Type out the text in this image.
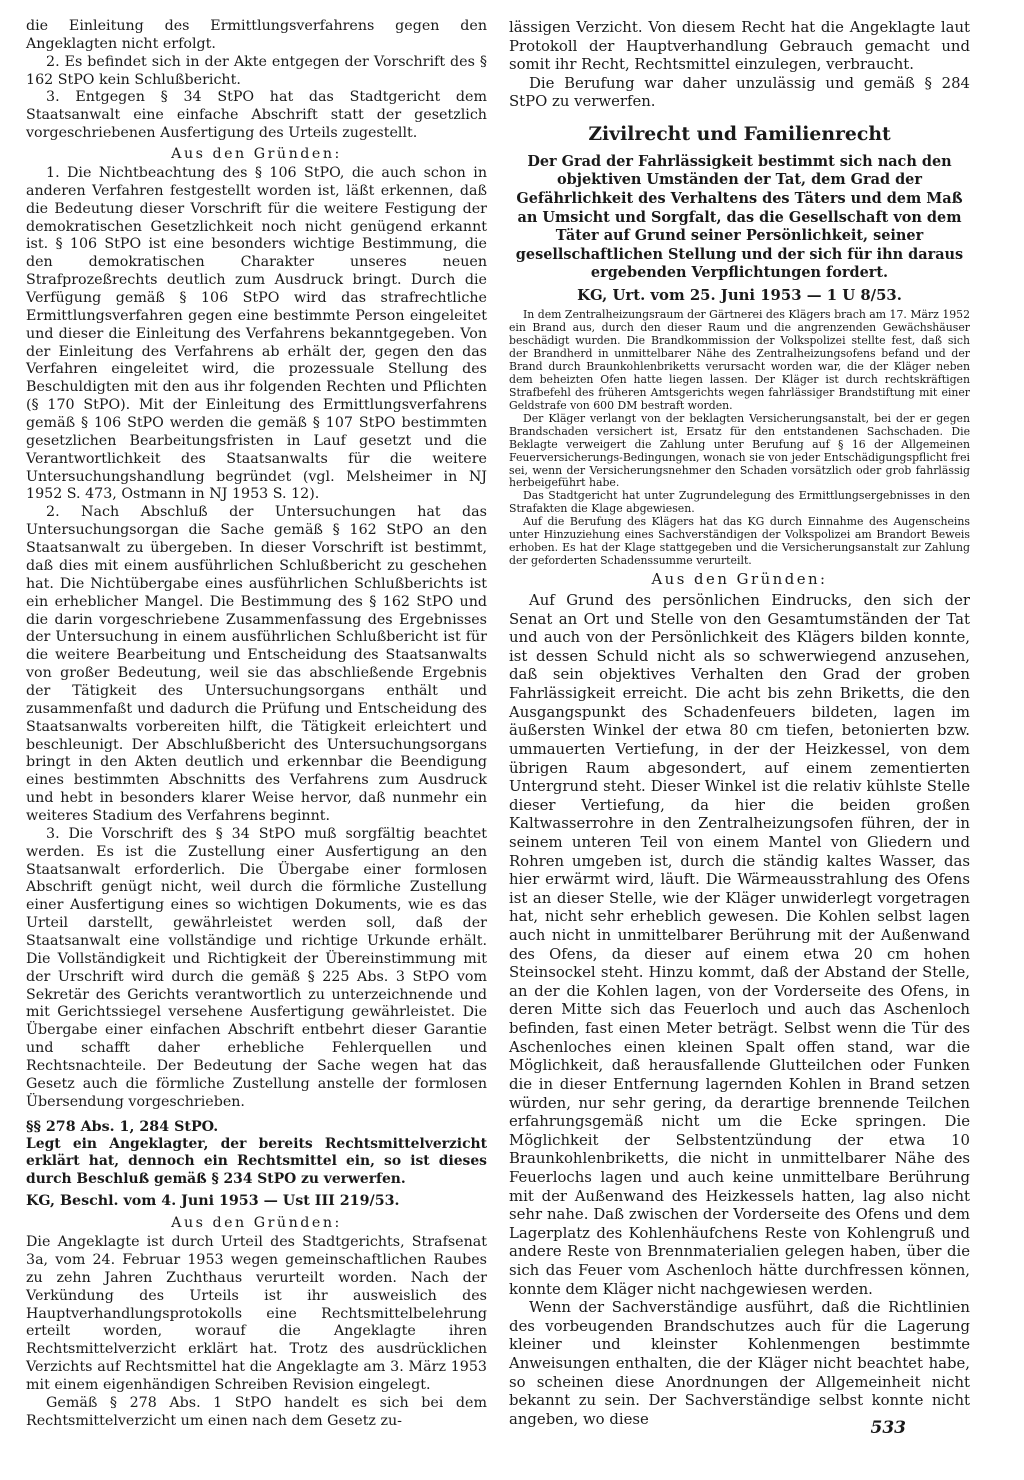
die Einleitung des Ermittlungsverfahrens gegen den Angeklagten nicht erfolgt.

2. Es befindet sich in der Akte entgegen der Vorschrift des § 162 StPO kein Schlußbericht.

3. Entgegen § 34 StPO hat das Stadtgericht dem Staatsanwalt eine einfache Abschrift statt der gesetzlich vorgeschriebenen Ausfertigung des Urteils zugestellt.

Aus den Gründen:

1. Die Nichtbeachtung des § 106 StPO, die auch schon in anderen Verfahren festgestellt worden ist, läßt erkennen, daß die Bedeutung dieser Vorschrift für die weitere Festigung der demokratischen Gesetzlichkeit noch nicht genügend erkannt ist. § 106 StPO ist eine besonders wichtige Bestimmung, die den demokratischen Charakter unseres neuen Strafprozeßrechts deutlich zum Ausdruck bringt. Durch die Verfügung gemäß § 106 StPO wird das strafrechtliche Ermittlungsverfahren gegen eine bestimmte Person eingeleitet und dieser die Einleitung des Verfahrens bekanntgegeben. Von der Einleitung des Verfahrens ab erhält der, gegen den das Verfahren eingeleitet wird, die prozessuale Stellung des Beschuldigten mit den aus ihr folgenden Rechten und Pflichten (§ 170 StPO). Mit der Einleitung des Ermittlungsverfahrens gemäß § 106 StPO werden die gemäß § 107 StPO bestimmten gesetzlichen Bearbeitungsfristen in Lauf gesetzt und die Verantwortlichkeit des Staatsanwalts für die weitere Untersuchungshandlung begründet (vgl. Melsheimer in NJ 1952 S. 473, Ostmann in NJ 1953 S. 12).

2. Nach Abschluß der Untersuchungen hat das Untersuchungsorgan die Sache gemäß § 162 StPO an den Staatsanwalt zu übergeben. In dieser Vorschrift ist bestimmt, daß dies mit einem ausführlichen Schlußbericht zu geschehen hat. Die Nichtübergabe eines ausführlichen Schlußberichts ist ein erheblicher Mangel. Die Bestimmung des § 162 StPO und die darin vorgeschriebene Zusammenfassung des Ergebnisses der Untersuchung in einem ausführlichen Schlußbericht ist für die weitere Bearbeitung und Entscheidung des Staatsanwalts von großer Bedeutung, weil sie das abschließende Ergebnis der Tätigkeit des Untersuchungsorgans enthält und zusammenfaßt und dadurch die Prüfung und Entscheidung des Staatsanwalts vorbereiten hilft, die Tätigkeit erleichtert und beschleunigt. Der Abschlußbericht des Untersuchungsorgans bringt in den Akten deutlich und erkennbar die Beendigung eines bestimmten Abschnitts des Verfahrens zum Ausdruck und hebt in besonders klarer Weise hervor, daß nunmehr ein weiteres Stadium des Verfahrens beginnt.

3. Die Vorschrift des § 34 StPO muß sorgfältig beachtet werden. Es ist die Zustellung einer Ausfertigung an den Staatsanwalt erforderlich. Die Übergabe einer formlosen Abschrift genügt nicht, weil durch die förmliche Zustellung einer Ausfertigung eines so wichtigen Dokuments, wie es das Urteil darstellt, gewährleistet werden soll, daß der Staatsanwalt eine vollständige und richtige Urkunde erhält. Die Vollständigkeit und Richtigkeit der Übereinstimmung mit der Urschrift wird durch die gemäß § 225 Abs. 3 StPO vom Sekretär des Gerichts verantwortlich zu unterzeichnende und mit Gerichtssiegel versehene Ausfertigung gewährleistet. Die Übergabe einer einfachen Abschrift entbehrt dieser Garantie und schafft daher erhebliche Fehlerquellen und Rechtsnachteile. Der Bedeutung der Sache wegen hat das Gesetz auch die förmliche Zustellung anstelle der formlosen Übersendung vorgeschrieben.

§§ 278 Abs. 1, 284 StPO.

Legt ein Angeklagter, der bereits Rechtsmittelverzicht erklärt hat, dennoch ein Rechtsmittel ein, so ist dieses durch Beschluß gemäß § 234 StPO zu verwerfen.

KG, Beschl. vom 4. Juni 1953 — Ust III 219/53.

Aus den Gründen:

Die Angeklagte ist durch Urteil des Stadtgerichts, Strafsenat 3a, vom 24. Februar 1953 wegen gemeinschaftlichen Raubes zu zehn Jahren Zuchthaus verurteilt worden. Nach der Verkündung des Urteils ist ihr ausweislich des Hauptverhandlungsprotokolls eine Rechtsmittelbelehrung erteilt worden, worauf die Angeklagte ihren Rechtsmittelverzicht erklärt hat. Trotz des ausdrücklichen Verzichts auf Rechtsmittel hat die Angeklagte am 3. März 1953 mit einem eigenhändigen Schreiben Revision eingelegt.

Gemäß § 278 Abs. 1 StPO handelt es sich bei dem Rechtsmittelverzicht um einen nach dem Gesetz zu-

lässigen Verzicht. Von diesem Recht hat die Angeklagte laut Protokoll der Hauptverhandlung Gebrauch gemacht und somit ihr Recht, Rechtsmittel einzulegen, verbraucht.

Die Berufung war daher unzulässig und gemäß § 284 StPO zu verwerfen.

Zivilrecht und Familienrecht

Der Grad der Fahrlässigkeit bestimmt sich nach den objektiven Umständen der Tat, dem Grad der Gefährlichkeit des Verhaltens des Täters und dem Maß an Umsicht und Sorgfalt, das die Gesellschaft von dem Täter auf Grund seiner Persönlichkeit, seiner gesellschaftlichen Stellung und der sich für ihn daraus ergebenden Verpflichtungen fordert.

KG, Urt. vom 25. Juni 1953 — 1 U 8/53.

In dem Zentralheizungsraum der Gärtnerei des Klägers brach am 17. März 1952 ein Brand aus, durch den dieser Raum und die angrenzenden Gewächshäuser beschädigt wurden. Die Brandkommission der Volkspolizei stellte fest, daß sich der Brandherd in unmittelbarer Nähe des Zentralheizungsofens befand und der Brand durch Braunkohlenbriketts verursacht worden war, die der Kläger neben dem beheizten Ofen hatte liegen lassen. Der Kläger ist durch rechtskräftigen Strafbefehl des früheren Amtsgerichts wegen fahrlässiger Brandstiftung mit einer Geldstrafe von 600 DM bestraft worden.

Der Kläger verlangt von der beklagten Versicherungsanstalt, bei der er gegen Brandschaden versichert ist, Ersatz für den entstandenen Sachschaden. Die Beklagte verweigert die Zahlung unter Berufung auf § 16 der Allgemeinen Feuerversicherungs-Bedingungen, wonach sie von jeder Entschädigungspflicht frei sei, wenn der Versicherungsnehmer den Schaden vorsätzlich oder grob fahrlässig herbeigeführt habe.

Das Stadtgericht hat unter Zugrundelegung des Ermittlungsergebnisses in den Strafakten die Klage abgewiesen.

Auf die Berufung des Klägers hat das KG durch Einnahme des Augenscheins unter Hinzuziehung eines Sachverständigen der Volkspolizei am Brandort Beweis erhoben. Es hat der Klage stattgegeben und die Versicherungsanstalt zur Zahlung der geforderten Schadenssumme verurteilt.

Aus den Gründen:

Auf Grund des persönlichen Eindrucks, den sich der Senat an Ort und Stelle von den Gesamtumständen der Tat und auch von der Persönlichkeit des Klägers bilden konnte, ist dessen Schuld nicht als so schwerwiegend anzusehen, daß sein objektives Verhalten den Grad der groben Fahrlässigkeit erreicht. Die acht bis zehn Briketts, die den Ausgangspunkt des Schadenfeuers bildeten, lagen im äußersten Winkel der etwa 80 cm tiefen, betonierten bzw. ummauerten Vertiefung, in der der Heizkessel, von dem übrigen Raum abgesondert, auf einem zementierten Untergrund steht. Dieser Winkel ist die relativ kühlste Stelle dieser Vertiefung, da hier die beiden großen Kaltwasserrohre in den Zentralheizungsofen führen, der in seinem unteren Teil von einem Mantel von Gliedern und Rohren umgeben ist, durch die ständig kaltes Wasser, das hier erwärmt wird, läuft. Die Wärmeausstrahlung des Ofens ist an dieser Stelle, wie der Kläger unwiderlegt vorgetragen hat, nicht sehr erheblich gewesen. Die Kohlen selbst lagen auch nicht in unmittelbarer Berührung mit der Außenwand des Ofens, da dieser auf einem etwa 20 cm hohen Steinsockel steht. Hinzu kommt, daß der Abstand der Stelle, an der die Kohlen lagen, von der Vorderseite des Ofens, in deren Mitte sich das Feuerloch und auch das Aschenloch befinden, fast einen Meter beträgt. Selbst wenn die Tür des Aschenloches einen kleinen Spalt offen stand, war die Möglichkeit, daß herausfallende Glutteilchen oder Funken die in dieser Entfernung lagernden Kohlen in Brand setzen würden, nur sehr gering, da derartige brennende Teilchen erfahrungsgemäß nicht um die Ecke springen. Die Möglichkeit der Selbstentzündung der etwa 10 Braunkohlenbriketts, die nicht in unmittelbarer Nähe des Feuerlochs lagen und auch keine unmittelbare Berührung mit der Außenwand des Heizkessels hatten, lag also nicht sehr nahe. Daß zwischen der Vorderseite des Ofens und dem Lagerplatz des Kohlenhäufchens Reste von Kohlengruß und andere Reste von Brennmaterialien gelegen haben, über die sich das Feuer vom Aschenloch hätte durchfressen können, konnte dem Kläger nicht nachgewiesen werden.

Wenn der Sachverständige ausführt, daß die Richtlinien des vorbeugenden Brandschutzes auch für die Lagerung kleiner und kleinster Kohlenmengen bestimmte Anweisungen enthalten, die der Kläger nicht beachtet habe, so scheinen diese Anordnungen der Allgemeinheit nicht bekannt zu sein. Der Sachverständige selbst konnte nicht angeben, wo diese	533
